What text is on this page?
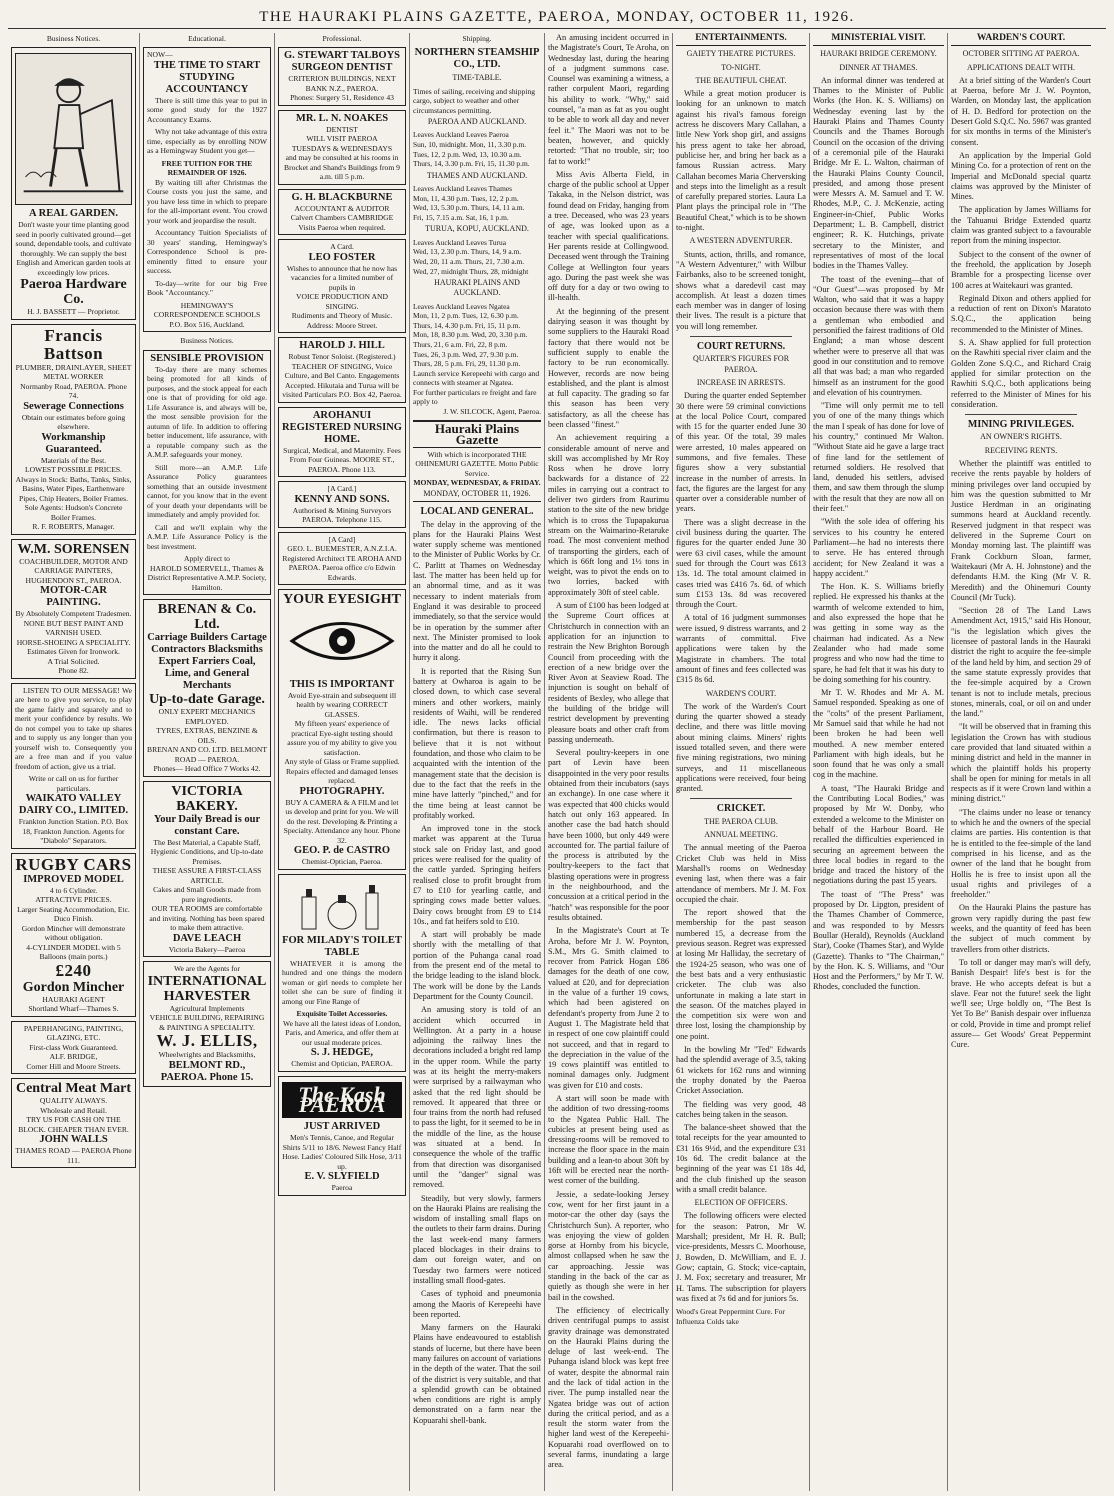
THE HAURAKI PLAINS GAZETTE, PAEROA, MONDAY, OCTOBER 11, 1926.
Business Notices.
A REAL GARDEN.
Don't waste your time planting good seed in poorly cultivated ground—get sound, dependable tools, and cultivate thoroughly. We can supply the best English and American garden tools at exceedingly low prices.
Paeroa Hardware Co.
H. J. BASSETT — Proprietor.
Francis Battson
PLUMBER, DRAINLAYER, SHEET METAL WORKER
Normanby Road, PAEROA. Phone 74.
Sewerage Connections
Obtain our estimates before going elsewhere.
Workmanship Guaranteed.
Materials of the Best.
LOWEST POSSIBLE PRICES.
Always in Stock: Baths, Tanks, Sinks, Basins, Water Pipes, Earthenware Pipes, Chip Heaters, Boiler Frames.
Sole Agents: Hudson's Concrete Boiler Frames.
R. F. ROBERTS, Manager.
W.M. SORENSEN
COACHBUILDER, MOTOR AND CARRIAGE PAINTERS, HUGHENDON ST., PAEROA.
MOTOR-CAR PAINTING.
By Absolutely Competent Tradesmen.
NONE BUT BEST PAINT AND VARNISH USED.
HORSE-SHOEING A SPECIALITY.
Estimates Given for Ironwork.
A Trial Solicited.
Phone 82.

LISTEN TO OUR MESSAGE! We are here to give you service, to play the game fairly and squarely and to merit your confidence by results. We do not compel you to take up shares and to supply us any longer than you yourself wish to. Consequently you are a free man and if you value freedom of action, give us a trial.

Write or call on us for further particulars.
WAIKATO VALLEY DAIRY CO., LIMITED.
Frankton Junction Station. P.O. Box 18, Frankton Junction. Agents for "Diabolo" Separators.
RUGBY CARS
IMPROVED MODEL
4 to 6 Cylinder.
ATTRACTIVE PRICES.
Larger Seating Accommodation, Etc. Duco Finish.
Gordon Mincher will demonstrate without obligation.
4-CYLINDER MODEL with 5 Balloons (main ports.)
£240
Gordon Mincher
HAURAKI AGENT
Shortland Wharf—Thames S.
PAPERHANGING, PAINTING, GLAZING, ETC.
First-class Work Guaranteed.
ALF. BRIDGE,
Corner Hill and Moore Streets.
Central Meat Mart
QUALITY ALWAYS.
Wholesale and Retail.
TRY US FOR CASH ON THE BLOCK. CHEAPER THAN EVER.
JOHN WALLS
THAMES ROAD — PAEROA Phone 111.
Educational.
NOW—
THE TIME TO START STUDYING ACCOUNTANCY

There is still time this year to put in some good study for the 1927 Accountancy Exams.

Why not take advantage of this extra time, especially as by enrolling NOW as a Hemingway Student you get—

FREE TUITION FOR THE REMAINDER OF 1926.

By waiting till after Christmas the Course costs you just the same, and you have less time in which to prepare for the all-important event. You crowd your work and jeopardise the result.

Accountancy Tuition Specialists of 30 years' standing, Hemingway's Correspondence School is pre-eminently fitted to ensure your success.

To-day—write for our big Free Book "Accountancy."

HEMINGWAY'S CORRESPONDENCE SCHOOLS P.O. Box 516, Auckland.
Business Notices.
SENSIBLE PROVISION

To-day there are many schemes being promoted for all kinds of purposes, and the stock appeal for each one is that of providing for old age. Life Assurance is, and always will be, the most sensible provision for the autumn of life. In addition to offering better inducement, life assurance, with a reputable company such as the A.M.P. safeguards your money.

Still more—an A.M.P. Life Assurance Policy guarantees something that an outside investment cannot, for you know that in the event of your death your dependants will be immediately and amply provided for.

Call and we'll explain why the A.M.P. Life Assurance Policy is the best investment.

Apply direct to
HAROLD SOMERVELL, Thames & District Representative A.M.P. Society, Hamilton.
BRENAN & Co. Ltd.
Carriage Builders Cartage Contractors Blacksmiths Expert Farriers Coal, Lime, and General Merchants
Up-to-date Garage.
ONLY EXPERT MECHANICS EMPLOYED.
TYRES, EXTRAS, BENZINE & OILS.
BRENAN AND CO. LTD. BELMONT ROAD — PAEROA.
Phones— Head Office 7 Works 42.
VICTORIA BAKERY.
Your Daily Bread is our constant Care.
The Best Material, a Capable Staff, Hygienic Conditions, and Up-to-date Premises.
THESE ASSURE A FIRST-CLASS ARTICLE.
Cakes and Small Goods made from pure ingredients.
OUR TEA ROOMS are comfortable and inviting. Nothing has been spared to make them attractive.
DAVE LEACH
Victoria Bakery—Paeroa
We are the Agents for
INTERNATIONAL HARVESTER
Agricultural Implements
VEHICLE BUILDING, REPAIRING & PAINTING A SPECIALITY.
W. J. ELLIS,
Wheelwrights and Blacksmiths,
BELMONT RD., PAEROA. Phone 15.
Professional.
G. STEWART TALBOYS SURGEON DENTIST
CRITERION BUILDINGS, NEXT BANK N.Z., PAEROA.
Phones: Surgery 51, Residence 43
MR. L. N. NOAKES
DENTIST
WILL VISIT PAEROA
TUESDAYS & WEDNESDAYS
and may be consulted at his rooms in Brocket and Shand's Buildings from 9 a.m. till 5 p.m.
G. H. BLACKBURNE
ACCOUNTANT & AUDITOR
Calvert Chambers CAMBRIDGE Visits Paeroa when required.
A Card.
LEO FOSTER
Wishes to announce that he now has vacancies for a limited number of pupils in
VOICE PRODUCTION AND SINGING.
Rudiments and Theory of Music.
Address: Moore Street.
HAROLD J. HILL
Robust Tenor Soloist. (Registered.)
TEACHER OF SINGING, Voice Culture, and Bel Canto. Engagements Accepted. Hikutaia and Turua will be visited Particulars P.O. Box 42, Paeroa.
AROHANUI REGISTERED NURSING HOME.
Surgical, Medical, and Maternity. Fees From Four Guineas. MOORE ST., PAEROA. Phone 113.
[A Card.]
KENNY AND SONS.
Authorised & Mining Surveyors PAEROA. Telephone 115.
[A Card]
GEO. L. BUEMESTER, A.N.Z.I.A. Registered Architect TE AROHA AND PAEROA. Paeroa office c/o Edwin Edwards.
YOUR EYESIGHT
THIS IS IMPORTANT
Avoid Eye-strain and subsequent ill health by wearing CORRECT GLASSES.
My fifteen years' experience of practical Eye-sight testing should assure you of my ability to give you satisfaction.
Any style of Glass or Frame supplied.
Repairs effected and damaged lenses replaced.
PHOTOGRAPHY.
BUY A CAMERA & A FILM and let us develop and print for you. We will do the rest. Developing & Printing a Specialty. Attendance any hour. Phone 32.
GEO. P. de CASTRO
Chemist-Optician, Paeroa.
FOR MILADY'S TOILET TABLE

WHATEVER it is among the hundred and one things the modern woman or girl needs to complete her toilet she can be sure of finding it among our Fine Range of

Exquisite Toilet Accessories.
We have all the latest ideas of London, Paris, and America, and offer them at our usual moderate prices.
S. J. HEDGE,
Chemist and Optician, PAEROA.
The Kash PAEROA
JUST ARRIVED
Men's Tennis, Canoe, and Regular Shirts 5/11 to 18/6. Newest Fancy Half Hose. Ladies' Coloured Silk Hose, 3/11 up.
E. V. SLYFIELD
Paeroa
Shipping.
NORTHERN STEAMSHIP CO., LTD.
TIME-TABLE.
Times of sailing, receiving and shipping cargo, subject to weather and other circumstances permitting.
PAEROA AND AUCKLAND.
Leaves Auckland Leaves Paeroa
Sun, 10, midnight. Mon, 11, 3.30 p.m.
Tues, 12, 2 p.m. Wed, 13, 10.30 a.m.
Thurs, 14, 3.30 p.m. Fri, 15, 11.30 p.m.
THAMES AND AUCKLAND.
Leaves Auckland Leaves Thames
Mon, 11, 4.30 p.m. Tues, 12, 2 p.m.
Wed, 13, 5.30 p.m. Thurs, 14, 11 a.m.
Fri, 15, 7.15 a.m. Sat, 16, 1 p.m.
TURUA, KOPU, AUCKLAND.
Leaves Auckland Leaves Turua
Wed, 13, 2.30 p.m. Thurs, 14, 9 a.m.
Wed, 20, 11 a.m. Thurs, 21, 7.30 a.m.
Wed, 27, midnight Thurs, 28, midnight
HAURAKI PLAINS AND AUCKLAND.
Leaves Auckland Leaves Ngatea
Mon, 11, 2 p.m. Tues, 12, 6.30 p.m.
Thurs, 14, 4.30 p.m. Fri, 15, 11 p.m.
Mon, 18, 8.30 p.m. Wed, 20, 3.30 p.m.
Thurs, 21, 6 a.m. Fri, 22, 8 p.m.
Tues, 26, 3 p.m. Wed, 27, 9.30 p.m.
Thurs, 28, 5 p.m. Fri, 29, 11.30 p.m.
Launch service Kerepeehi with cargo and connects with steamer at Ngatea.
For further particulars re freight and fare apply to
J. W. SILCOCK, Agent, Paeroa.
Hauraki Plains Gazette
With which is incorporated THE OHINEMURI GAZETTE. Motto Public Service.
MONDAY, WEDNESDAY, & FRIDAY.
MONDAY, OCTOBER 11, 1926.
LOCAL AND GENERAL.

The delay in the approving of the plans for the Hauraki Plains West water supply scheme was mentioned to the Minister of Public Works by Cr. C. Parlitt at Thames on Wednesday last. The matter has been held up for an abnormal time, and as it was necessary to indent materials from England it was desirable to proceed immediately, so that the service would be in operation by the summer after next. The Minister promised to look into the matter and do all he could to hurry it along.

It is reported that the Rising Sun battery at Owharoa is again to be closed down, to which case several miners and other workers, mainly residents of Waihi, will be rendered idle. The news lacks official confirmation, but there is reason to believe that it is not without foundation, and those who claim to be acquainted with the intention of the management state that the decision is due to the fact that the reefs in the mine have latterly "pinched," and for the time being at least cannot be profitably worked.

An improved tone in the stock market was apparent at the Turua stock sale on Friday last, and good prices were realised for the quality of the cattle yarded. Springing heifers realised close to profit brought from £7 to £10 for yearling cattle, and springing cows made better values. Dairy cows brought from £9 to £14 10s., and fat heifers sold to £10.

A start will probably be made shortly with the metalling of that portion of the Puhanga canal road from the present end of the metal to the bridge leading to the island block. The work will be done by the Lands Department for the County Council.

An amusing story is told of an accident which occurred in Wellington. At a party in a house adjoining the railway lines the decorations included a bright red lamp in the upper room. While the party was at its height the merry-makers were surprised by a railwayman who asked that the red light should be removed. It appeared that three or four trains from the north had refused to pass the light, for it seemed to be in the middle of the line, as the house was situated at a bend. In consequence the whole of the traffic from that direction was disorganised until the "danger" signal was removed.

Steadily, but very slowly, farmers on the Hauraki Plains are realising the wisdom of installing small flaps on the outlets to their farm drains. During the last week-end many farmers placed blockages in their drains to dam out foreign water, and on Tuesday two farmers were noticed installing small flood-gates.

Cases of typhoid and pneumonia among the Maoris of Kerepeehi have been reported.

Many farmers on the Hauraki Plains have endeavoured to establish stands of lucerne, but there have been many failures on account of variations in the depth of the water. That the soil of the district is very suitable, and that a splendid growth can be obtained when conditions are right is amply demonstrated on a farm near the Kopuarahi shell-bank.

An amusing incident occurred in the Magistrate's Court, Te Aroha, on Wednesday last, during the hearing of a judgment summons case. Counsel was examining a witness, a rather corpulent Maori, regarding his ability to work. "Why," said counsel, "a man as fat as you ought to be able to work all day and never feel it." The Maori was not to be beaten, however, and quickly retorted: "That no trouble, sir; too fat to work!"

Miss Avis Alberta Field, in charge of the public school at Upper Takaka, in the Nelson district, was found dead on Friday, hanging from a tree. Deceased, who was 23 years of age, was looked upon as a teacher with special qualifications. Her parents reside at Collingwood. Deceased went through the Training College at Wellington four years ago. During the past week she was off duty for a day or two owing to ill-health.

At the beginning of the present dairying season it was thought by some suppliers to the Hauraki Road factory that there would not be sufficient supply to enable the factory to be run economically. However, records are now being established, and the plant is almost at full capacity. The grading so far this season has been very satisfactory, as all the cheese has been classed "finest."

An achievement requiring a considerable amount of nerve and skill was accomplished by Mr Roy Ross when he drove lorry backwards for a distance of 22 miles in carrying out a contract to deliver two girders from Raurimu station to the site of the new bridge which is to cross the Tupapakurua stream on the Waimarino-Retaruke road. The most convenient method of transporting the girders, each of which is 66ft long and 1½ tons in weight, was to pivot the ends on to two lorries, backed with approximately 30ft of steel cable.

A sum of £100 has been lodged at the Supreme Court offices at Christchurch in connection with an application for an injunction to restrain the New Brighton Borough Council from proceeding with the erection of a new bridge over the River Avon at Seaview Road. The injunction is sought on behalf of residents of Bexley, who allege that the building of the bridge will restrict development by preventing pleasure boats and other craft from passing underneath.

Several poultry-keepers in one part of Levin have been disappointed in the very poor results obtained from their incubators (says an exchange). In one case where it was expected that 400 chicks would hatch out only 163 appeared. In another case the bad hatch should have been 1000, but only 449 were accounted for. The partial failure of the process is attributed by the poultry-keepers to the fact that blasting operations were in progress in the neighbourhood, and the concussion at a critical period in the "hatch" was responsible for the poor results obtained.

In the Magistrate's Court at Te Aroha, before Mr J. W. Poynton, S.M., Mrs G. Smith claimed to recover from Patrick Hogan £86 damages for the death of one cow, valued at £20, and for depreciation in the value of a further 19 cows, which had been agistered on defendant's property from June 2 to August 1. The Magistrate held that in respect of one cow plaintiff could not succeed, and that in regard to the depreciation in the value of the 19 cows plaintiff was entitled to nominal damages only. Judgment was given for £10 and costs.

A start will soon be made with the addition of two dressing-rooms to the Ngatea Public Hall. The cubicles at present being used as dressing-rooms will be removed to increase the floor space in the main building and a lean-to about 30ft by 16ft will be erected near the north-west corner of the building.

Jessie, a sedate-looking Jersey cow, went for her first jaunt in a motor-car the other day (says the Christchurch Sun). A reporter, who was enjoying the view of golden gorse at Hornby from his bicycle, almost collapsed when he saw the car approaching. Jessie was standing in the back of the car as quietly as though she were in her bail in the cowshed.

The efficiency of electrically driven centrifugal pumps to assist gravity drainage was demonstrated on the Hauraki Plains during the deluge of last week-end. The Puhanga island block was kept free of water, despite the abnormal rain and the lack of tidal action in the river. The pump installed near the Ngatea bridge was out of action during the critical period, and as a result the storm water from the higher land west of the Kerepeehi-Kopuarahi road overflowed on to several farms, inundating a large area.

ENTERTAINMENTS.
GAIETY THEATRE PICTURES.
TO-NIGHT.
THE BEAUTIFUL CHEAT.

While a great motion producer is looking for an unknown to match against his rival's famous foreign actress he discovers Mary Callahan, a little New York shop girl, and assigns his press agent to take her abroad, publicise her, and bring her back as a famous Russian actress. Mary Callahan becomes Maria Cherversking and steps into the limelight as a result of carefully prepared stories. Laura La Plant plays the principal role in "The Beautiful Cheat," which is to be shown to-night.

A WESTERN ADVENTURER.

Stunts, action, thrills, and romance, "A Western Adventurer," with Wilbur Fairbanks, also to be screened tonight, shows what a daredevil cast may accomplish. At least a dozen times each member was in danger of losing their lives. The result is a picture that you will long remember.

COURT RETURNS.
QUARTER'S FIGURES FOR PAEROA.
INCREASE IN ARRESTS.

During the quarter ended September 30 there were 59 criminal convictions at the local Police Court, compared with 15 for the quarter ended June 30 of this year. Of the total, 39 males were arrested, 10 males appeared on summons, and five females. These figures show a very substantial increase in the number of arrests. In fact, the figures are the largest for any quarter over a considerable number of years.

There was a slight decrease in the civil business during the quarter. The figures for the quarter ended June 30 were 63 civil cases, while the amount sued for through the Court was £613 13s. 1d. The total amount claimed in cases tried was £416 7s. 6d. of which sum £153 13s. 8d was recovered through the Court.

A total of 16 judgment summonses were issued, 9 distress warrants, and 2 warrants of committal. Five applications were taken by the Magistrate in chambers. The total amount of fines and fees collected was £315 8s 6d.

WARDEN'S COURT.

The work of the Warden's Court during the quarter showed a steady decline, and there was little moving about mining claims. Miners' rights issued totalled seven, and there were five mining registrations, two mining surveys, and 11 miscellaneous applications were received, four being granted.

CRICKET.
THE PAEROA CLUB.
ANNUAL MEETING.

The annual meeting of the Paeroa Cricket Club was held in Miss Marshall's rooms on Wednesday evening last, when there was a fair attendance of members. Mr J. M. Fox occupied the chair.

The report showed that the membership for the past season numbered 15, a decrease from the previous season. Regret was expressed at losing Mr Halliday, the secretary of the 1924-25 season, who was one of the best bats and a very enthusiastic cricketer. The club was also unfortunate in making a late start in the season. Of the matches played in the competition six were won and three lost, losing the championship by one point.

In the bowling Mr "Ted" Edwards had the splendid average of 3.5, taking 61 wickets for 162 runs and winning the trophy donated by the Paeroa Cricket Association.

The fielding was very good, 48 catches being taken in the season.

The balance-sheet showed that the total receipts for the year amounted to £31 16s 9½d, and the expenditure £31 10s 6d. The credit balance at the beginning of the year was £1 18s 4d, and the club finished up the season with a small credit balance.

ELECTION OF OFFICERS.

The following officers were elected for the season: Patron, Mr W. Marshall; president, Mr H. R. Bull; vice-presidents, Messrs C. Moorhouse, J. Bowden, D. McWilliam, and E. J. Gow; captain, G. Stock; vice-captain, J. M. Fox; secretary and treasurer, Mr H. Tams. The subscription for players was fixed at 7s 6d and for juniors 5s.

Wood's Great Peppermint Cure. For Influenza Colds take
MINISTERIAL VISIT.
HAURAKI BRIDGE CEREMONY.
DINNER AT THAMES.

An informal dinner was tendered at Thames to the Minister of Public Works (the Hon. K. S. Williams) on Wednesday evening last by the Hauraki Plains and Thames County Councils and the Thames Borough Council on the occasion of the driving of a ceremonial pile of the Hauraki Bridge. Mr E. L. Walton, chairman of the Hauraki Plains County Council, presided, and among those present were Messrs A. M. Samuel and T. W. Rhodes, M.P., C. J. McKenzie, acting Engineer-in-Chief, Public Works Department; L. B. Campbell, district engineer; R. K. Hutchings, private secretary to the Minister, and representatives of most of the local bodies in the Thames Valley.

The toast of the evening—that of "Our Guest"—was proposed by Mr Walton, who said that it was a happy occasion because there was with them a gentleman who embodied and personified the fairest traditions of Old England; a man whose descent whether were to preserve all that was good in our constitution and to remove all that was bad; a man who regarded himself as an instrument for the good and elevation of his countrymen.

"Time will only permit me to tell you of one of the many things which the man I speak of has done for love of his country," continued Mr Walton. "Without State aid he gave a large tract of fine land for the settlement of returned soldiers. He resolved that land, denuded his settlers, advised them, and saw them through the slump with the result that they are now all on their feet."

"With the sole idea of offering his services to his country he entered Parliament—he had no interests there to serve. He has entered through accident; for New Zealand it was a happy accident."

The Hon. K. S. Williams briefly replied. He expressed his thanks at the warmth of welcome extended to him, and also expressed the hope that he was getting in some way as the chairman had indicated. As a New Zealander who had made some progress and who now had the time to spare, he had felt that it was his duty to be doing something for his country.

Mr T. W. Rhodes and Mr A. M. Samuel responded. Speaking as one of the "colts" of the present Parliament, Mr Samuel said that while he had not been broken he had been well mouthed. A new member entered Parliament with high ideals, but he soon found that he was only a small cog in the machine.

A toast, "The Hauraki Bridge and the Contributing Local Bodies," was proposed by Mr W. Donby, who extended a welcome to the Minister on behalf of the Harbour Board. He recalled the difficulties experienced in securing an agreement between the three local bodies in regard to the bridge and traced the history of the negotiations during the past 15 years.

The toast of "The Press" was proposed by Dr. Lipgton, president of the Thames Chamber of Commerce, and was responded to by Messrs Boullar (Herald), Reynolds (Auckland Star), Cooke (Thames Star), and Wylde (Gazette). Thanks to "The Chairman," by the Hon. K. S. Williams, and "Our Host and the Performers," by Mr T. W. Rhodes, concluded the function.

WARDEN'S COURT.
OCTOBER SITTING AT PAEROA.
APPLICATIONS DEALT WITH.

At a brief sitting of the Warden's Court at Paeroa, before Mr J. W. Poynton, Warden, on Monday last, the application of H. D. Bedford for protection on the Desert Gold S.Q.C. No. 5967 was granted for six months in terms of the Minister's consent.

An application by the Imperial Gold Mining Co. for a protection of rent on the Imperial and McDonald special quartz claims was approved by the Minister of Mines.

The application by James Williams for the Tahuanui Bridge Extended quartz claim was granted subject to a favourable report from the mining inspector.

Subject to the consent of the owner of the freehold, the application by Joseph Bramble for a prospecting license over 100 acres at Waitekauri was granted.

Reginald Dixon and others applied for a reduction of rent on Dixon's Maratoto S.Q.C., the application being recommended to the Minister of Mines.

S. A. Shaw applied for full protection on the Rawhiti special river claim and the Golden Zone S.Q.C., and Richard Craig applied for similar protection on the Rawhiti S.Q.C., both applications being referred to the Minister of Mines for his consideration.

MINING PRIVILEGES.
AN OWNER'S RIGHTS.
RECEIVING RENTS.

Whether the plaintiff was entitled to receive the rents payable by holders of mining privileges over land occupied by him was the question submitted to Mr Justice Herdman in an originating summons heard at Auckland recently. Reserved judgment in that respect was delivered in the Supreme Court on Monday morning last. The plaintiff was Frank Cockburn Sloan, farmer, Waitekauri (Mr A. H. Johnstone) and the defendants H.M. the King (Mr V. R. Meredith) and the Ohinemuri County Council (Mr Tuck).

"Section 28 of The Land Laws Amendment Act, 1915," said His Honour, "is the legislation which gives the licensee of pastoral lands in the Hauraki district the right to acquire the fee-simple of the land held by him, and section 29 of the same statute expressly provides that the fee-simple acquired by a Crown tenant is not to include metals, precious stones, minerals, coal, or oil on and under the land."

"It will be observed that in framing this legislation the Crown has with studious care provided that land situated within a mining district and held in the manner in which the plaintiff holds his property shall be open for mining for metals in all respects as if it were Crown land within a mining district."

"The claims under no lease or tenancy to which he and the owners of the special claims are parties. His contention is that he is entitled to the fee-simple of the land comprised in his license, and as the owner of the land that he bought from Hollis he is free to insist upon all the usual rights and privileges of a freeholder."

On the Hauraki Plains the pasture has grown very rapidly during the past few weeks, and the quantity of feed has been the subject of much comment by travellers from other districts.

To toll or danger may man's will defy, Banish Despair! life's best is for the brave. He who accepts defeat is but a slave. Fear not the future! seek the light we'll see; Urge boldly on, "The Best Is Yet To Be" Banish despair over influenza or cold, Provide in time and prompt relief assure— Get Woods' Great Peppermint Cure.
